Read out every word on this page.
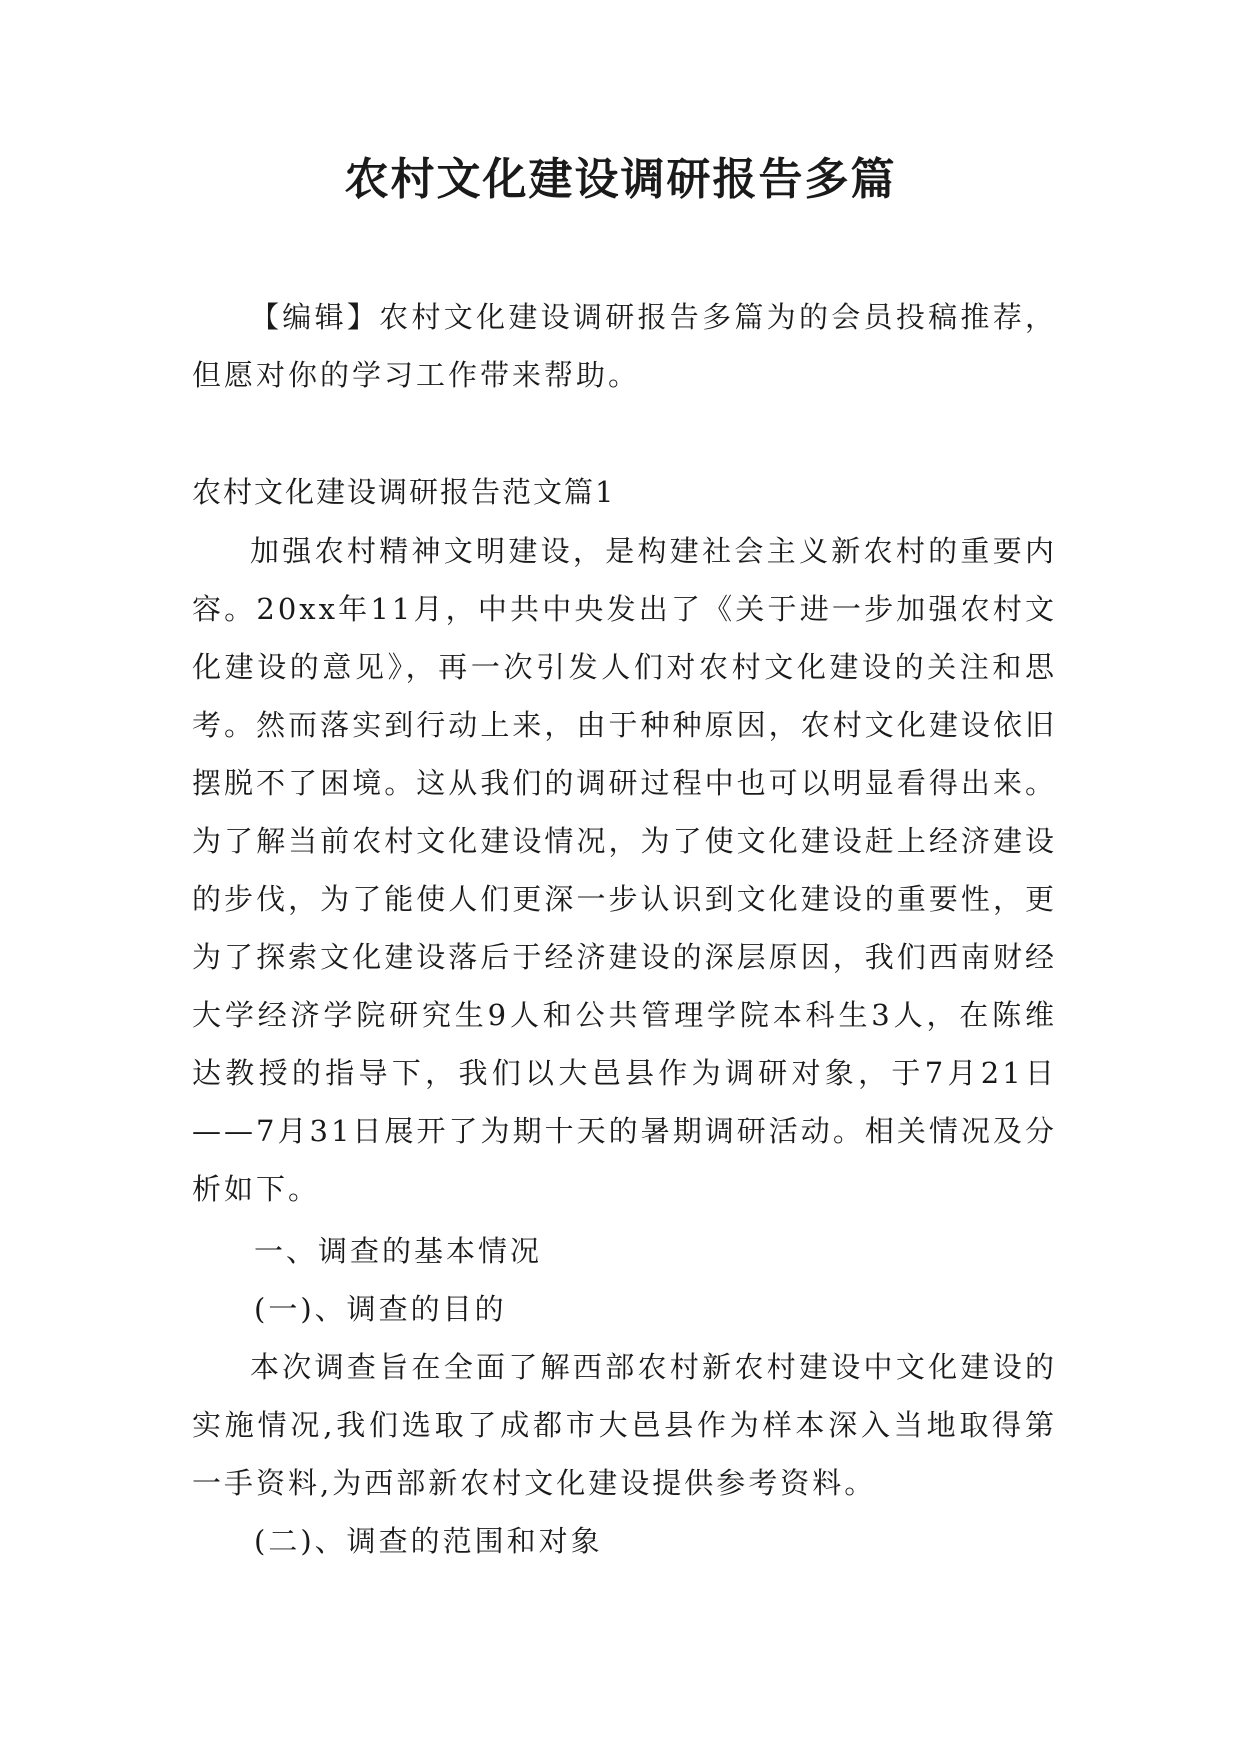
农村文化建设调研报告多篇

【编辑】农村文化建设调研报告多篇为的会员投稿推荐，但愿对你的学习工作带来帮助。

农村文化建设调研报告范文篇1

加强农村精神文明建设，是构建社会主义新农村的重要内容。20xx年11月，中共中央发出了《关于进一步加强农村文化建设的意见》，再一次引发人们对农村文化建设的关注和思考。然而落实到行动上来，由于种种原因，农村文化建设依旧摆脱不了困境。这从我们的调研过程中也可以明显看得出来。为了解当前农村文化建设情况，为了使文化建设赶上经济建设的步伐，为了能使人们更深一步认识到文化建设的重要性，更为了探索文化建设落后于经济建设的深层原因，我们西南财经大学经济学院研究生9人和公共管理学院本科生3人，在陈维达教授的指导下，我们以大邑县作为调研对象，于7月21日——7月31日展开了为期十天的暑期调研活动。相关情况及分析如下。

一、调查的基本情况

(一)、调查的目的

本次调查旨在全面了解西部农村新农村建设中文化建设的实施情况,我们选取了成都市大邑县作为样本深入当地取得第一手资料,为西部新农村文化建设提供参考资料。

(二)、调查的范围和对象
